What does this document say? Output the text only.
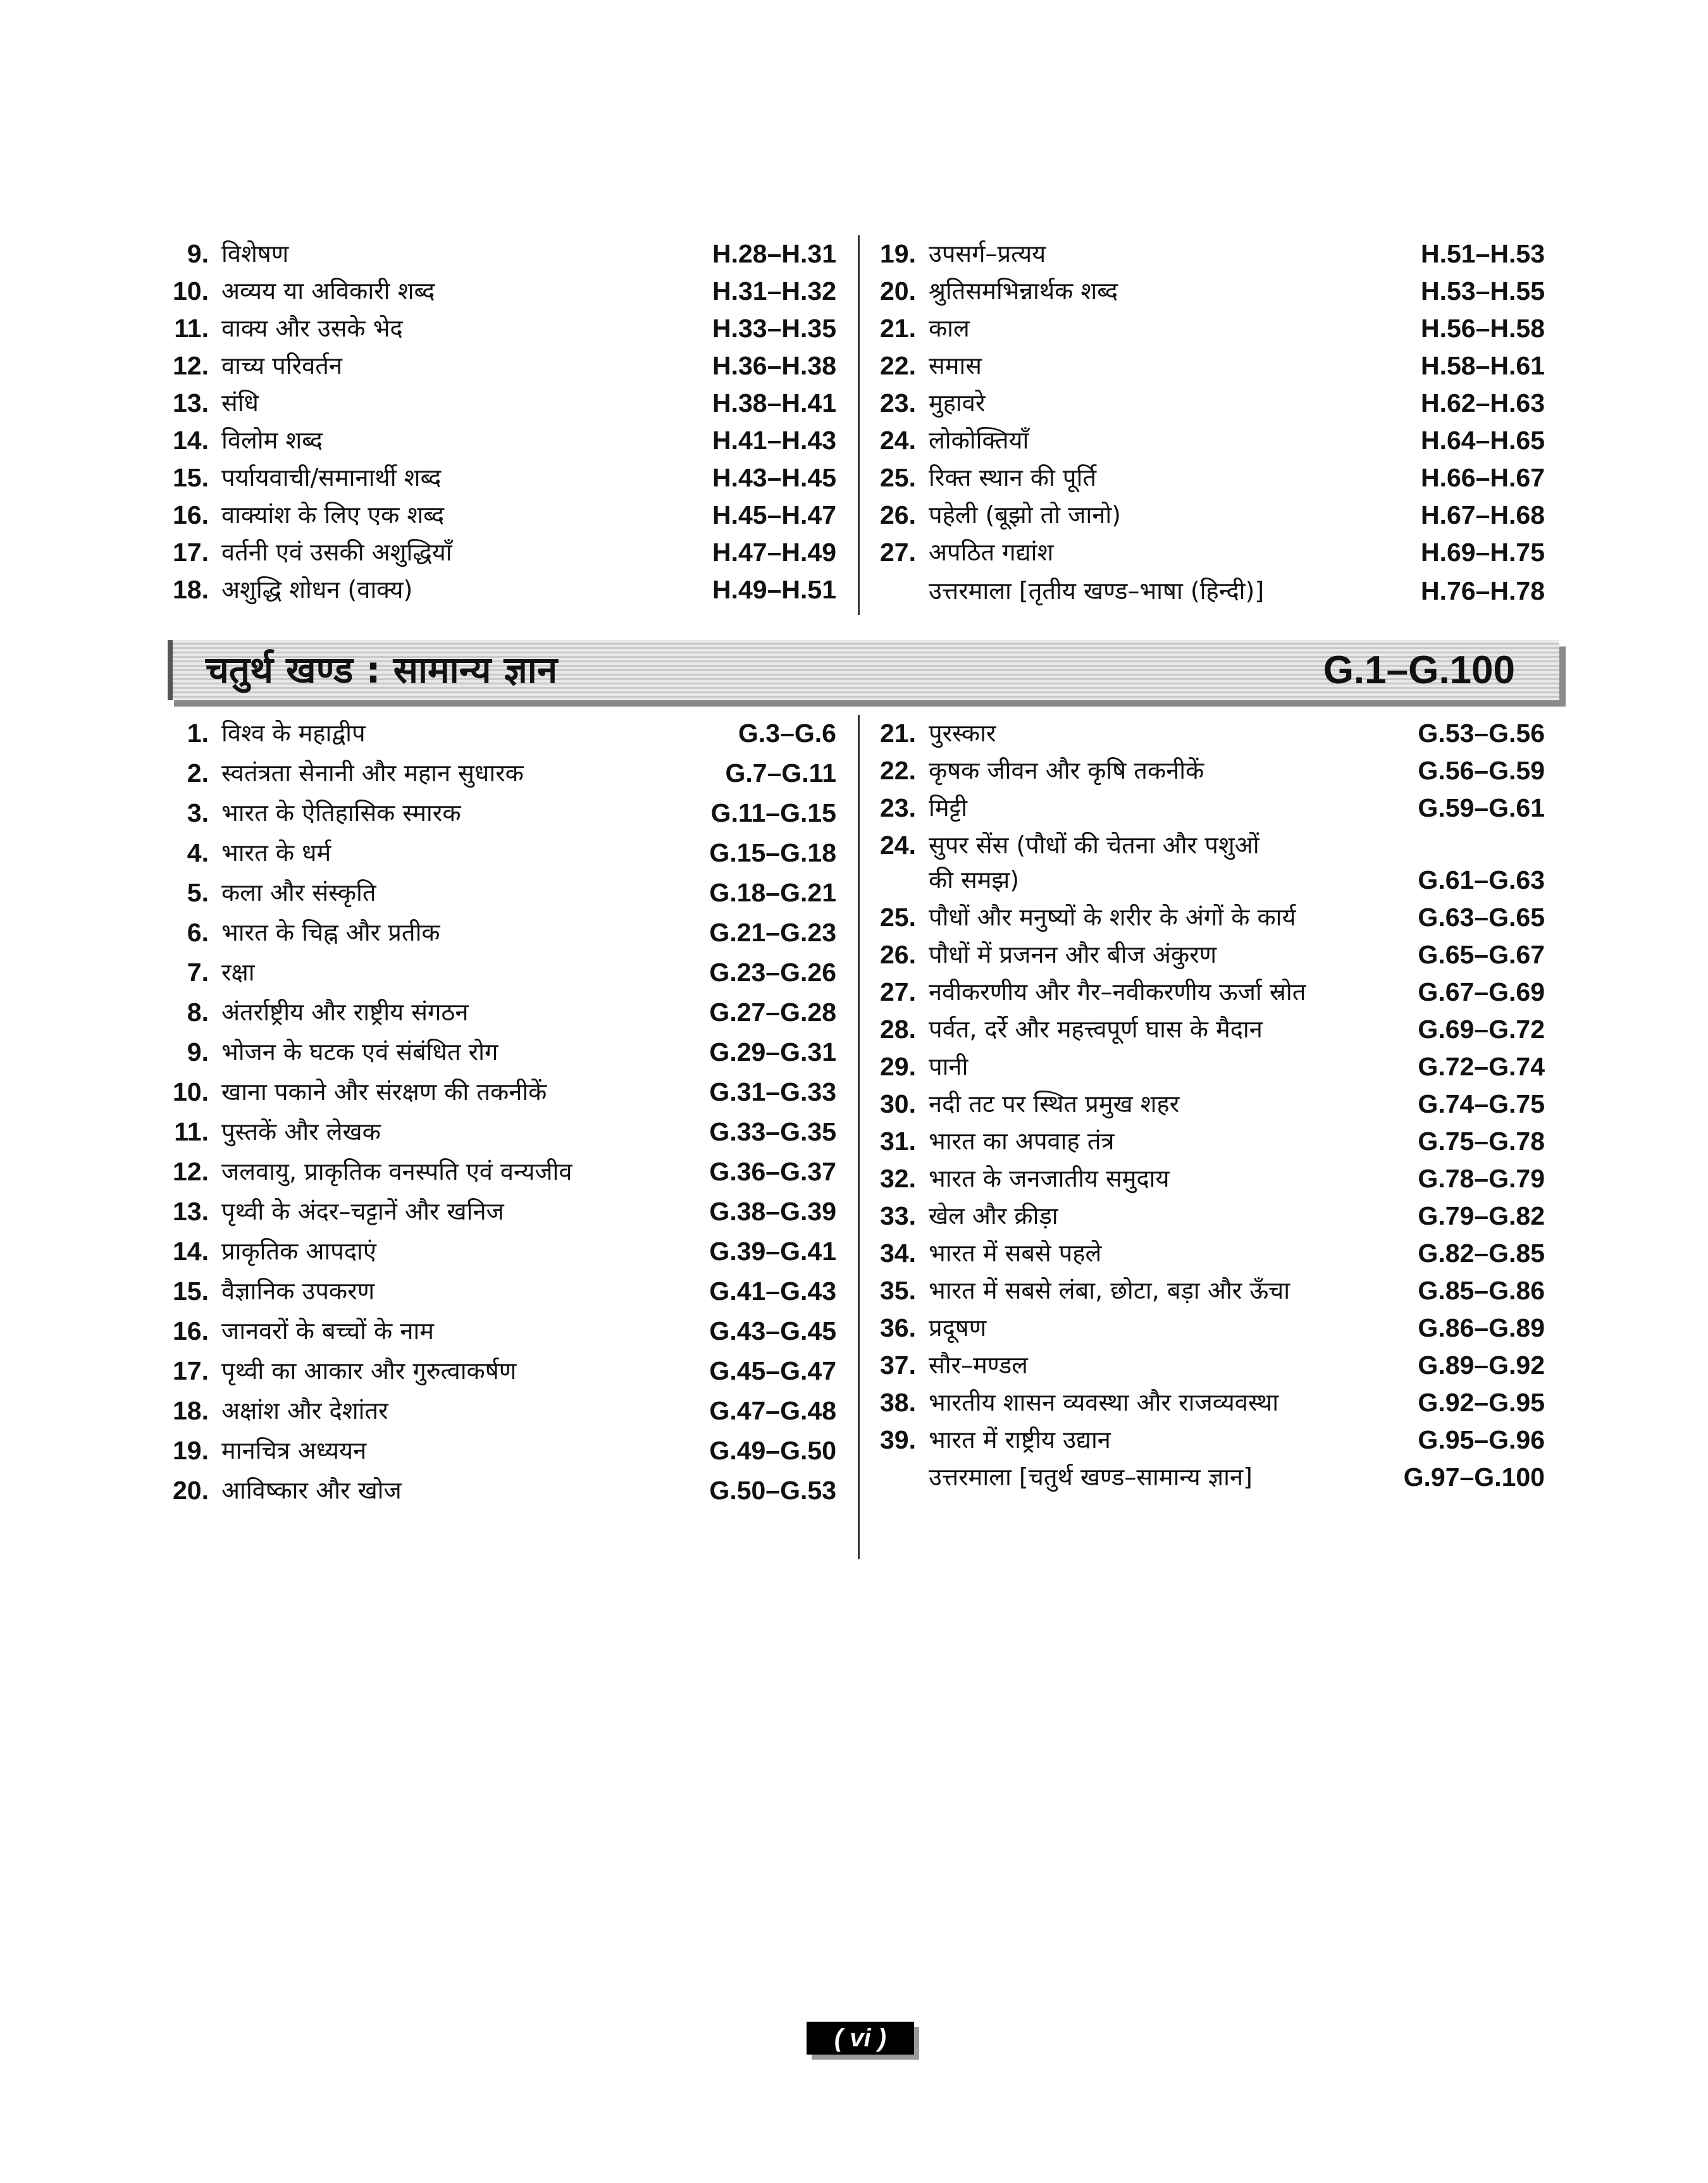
9. विशेषण	H.28–H.31
10. अव्यय या अविकारी शब्द	H.31–H.32
11. वाक्य और उसके भेद	H.33–H.35
12. वाच्य परिवर्तन	H.36–H.38
13. संधि	H.38–H.41
14. विलोम शब्द	H.41–H.43
15. पर्यायवाची/समानार्थी शब्द	H.43–H.45
16. वाक्यांश के लिए एक शब्द	H.45–H.47
17. वर्तनी एवं उसकी अशुद्धियाँ	H.47–H.49
18. अशुद्धि शोधन (वाक्य)	H.49–H.51
19. उपसर्ग–प्रत्यय	H.51–H.53
20. श्रुतिसमभिन्नार्थक शब्द	H.53–H.55
21. काल	H.56–H.58
22. समास	H.58–H.61
23. मुहावरे	H.62–H.63
24. लोकोक्तियाँ	H.64–H.65
25. रिक्त स्थान की पूर्ति	H.66–H.67
26. पहेली (बूझो तो जानो)	H.67–H.68
27. अपठित गद्यांश	H.69–H.75
उत्तरमाला [तृतीय खण्ड–भाषा (हिन्दी)]	H.76–H.78
चतुर्थ खण्ड : सामान्य ज्ञान	G.1–G.100
1. विश्व के महाद्वीप	G.3–G.6
2. स्वतंत्रता सेनानी और महान सुधारक	G.7–G.11
3. भारत के ऐतिहासिक स्मारक	G.11–G.15
4. भारत के धर्म	G.15–G.18
5. कला और संस्कृति	G.18–G.21
6. भारत के चिह्न और प्रतीक	G.21–G.23
7. रक्षा	G.23–G.26
8. अंतर्राष्ट्रीय और राष्ट्रीय संगठन	G.27–G.28
9. भोजन के घटक एवं संबंधित रोग	G.29–G.31
10. खाना पकाने और संरक्षण की तकनीकें	G.31–G.33
11. पुस्तकें और लेखक	G.33–G.35
12. जलवायु, प्राकृतिक वनस्पति एवं वन्यजीव	G.36–G.37
13. पृथ्वी के अंदर–चट्टानें और खनिज	G.38–G.39
14. प्राकृतिक आपदाएं	G.39–G.41
15. वैज्ञानिक उपकरण	G.41–G.43
16. जानवरों के बच्चों के नाम	G.43–G.45
17. पृथ्वी का आकार और गुरुत्वाकर्षण	G.45–G.47
18. अक्षांश और देशांतर	G.47–G.48
19. मानचित्र अध्ययन	G.49–G.50
20. आविष्कार और खोज	G.50–G.53
21. पुरस्कार	G.53–G.56
22. कृषक जीवन और कृषि तकनीकें	G.56–G.59
23. मिट्टी	G.59–G.61
24. सुपर सेंस (पौधों की चेतना और पशुओं
की समझ)	G.61–G.63
25. पौधों और मनुष्यों के शरीर के अंगों के कार्य	G.63–G.65
26. पौधों में प्रजनन और बीज अंकुरण	G.65–G.67
27. नवीकरणीय और गैर–नवीकरणीय ऊर्जा स्रोत	G.67–G.69
28. पर्वत, दर्रे और महत्त्वपूर्ण घास के मैदान	G.69–G.72
29. पानी	G.72–G.74
30. नदी तट पर स्थित प्रमुख शहर	G.74–G.75
31. भारत का अपवाह तंत्र	G.75–G.78
32. भारत के जनजातीय समुदाय	G.78–G.79
33. खेल और क्रीड़ा	G.79–G.82
34. भारत में सबसे पहले	G.82–G.85
35. भारत में सबसे लंबा, छोटा, बड़ा और ऊँचा	G.85–G.86
36. प्रदूषण	G.86–G.89
37. सौर–मण्डल	G.89–G.92
38. भारतीय शासन व्यवस्था और राजव्यवस्था	G.92–G.95
39. भारत में राष्ट्रीय उद्यान	G.95–G.96
उत्तरमाला [चतुर्थ खण्ड–सामान्य ज्ञान]	G.97–G.100
( vi )
